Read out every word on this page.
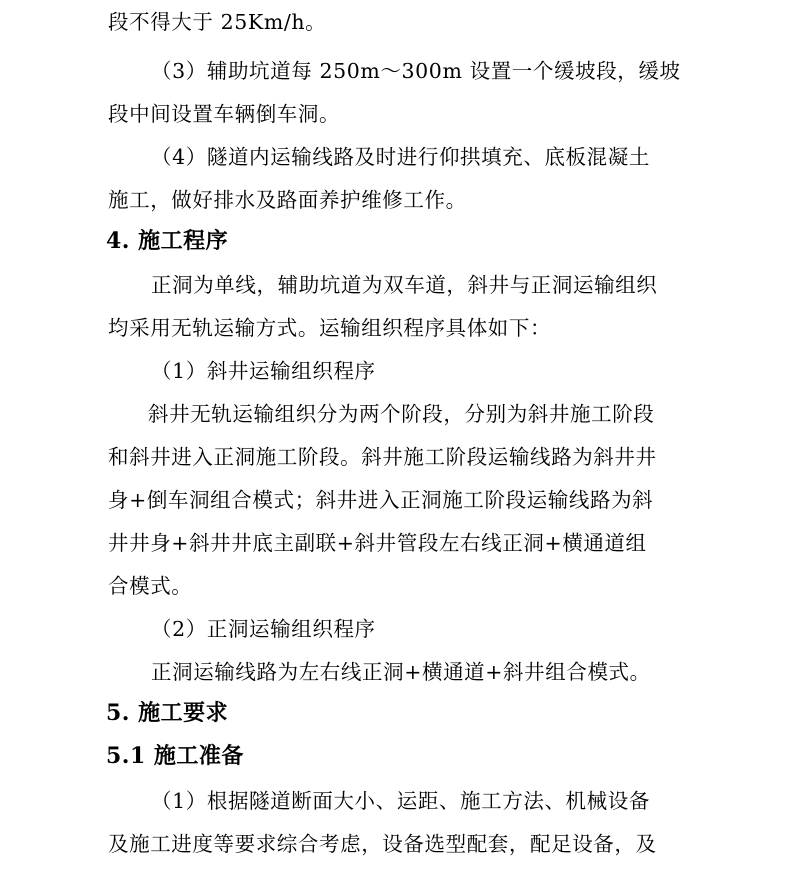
段不得大于 25Km/h。
（3）辅助坑道每 250m～300m 设置一个缓坡段，缓坡
段中间设置车辆倒车洞。
（4）隧道内运输线路及时进行仰拱填充、底板混凝土
施工，做好排水及路面养护维修工作。
4. 施工程序
正洞为单线，辅助坑道为双车道，斜井与正洞运输组织
均采用无轨运输方式。运输组织程序具体如下：
（1）斜井运输组织程序
斜井无轨运输组织分为两个阶段，分别为斜井施工阶段
和斜井进入正洞施工阶段。斜井施工阶段运输线路为斜井井
身+倒车洞组合模式；斜井进入正洞施工阶段运输线路为斜
井井身+斜井井底主副联+斜井管段左右线正洞+横通道组
合模式。
（2）正洞运输组织程序
正洞运输线路为左右线正洞+横通道+斜井组合模式。
5. 施工要求
5.1 施工准备
（1）根据隧道断面大小、运距、施工方法、机械设备
及施工进度等要求综合考虑，设备选型配套，配足设备，及
